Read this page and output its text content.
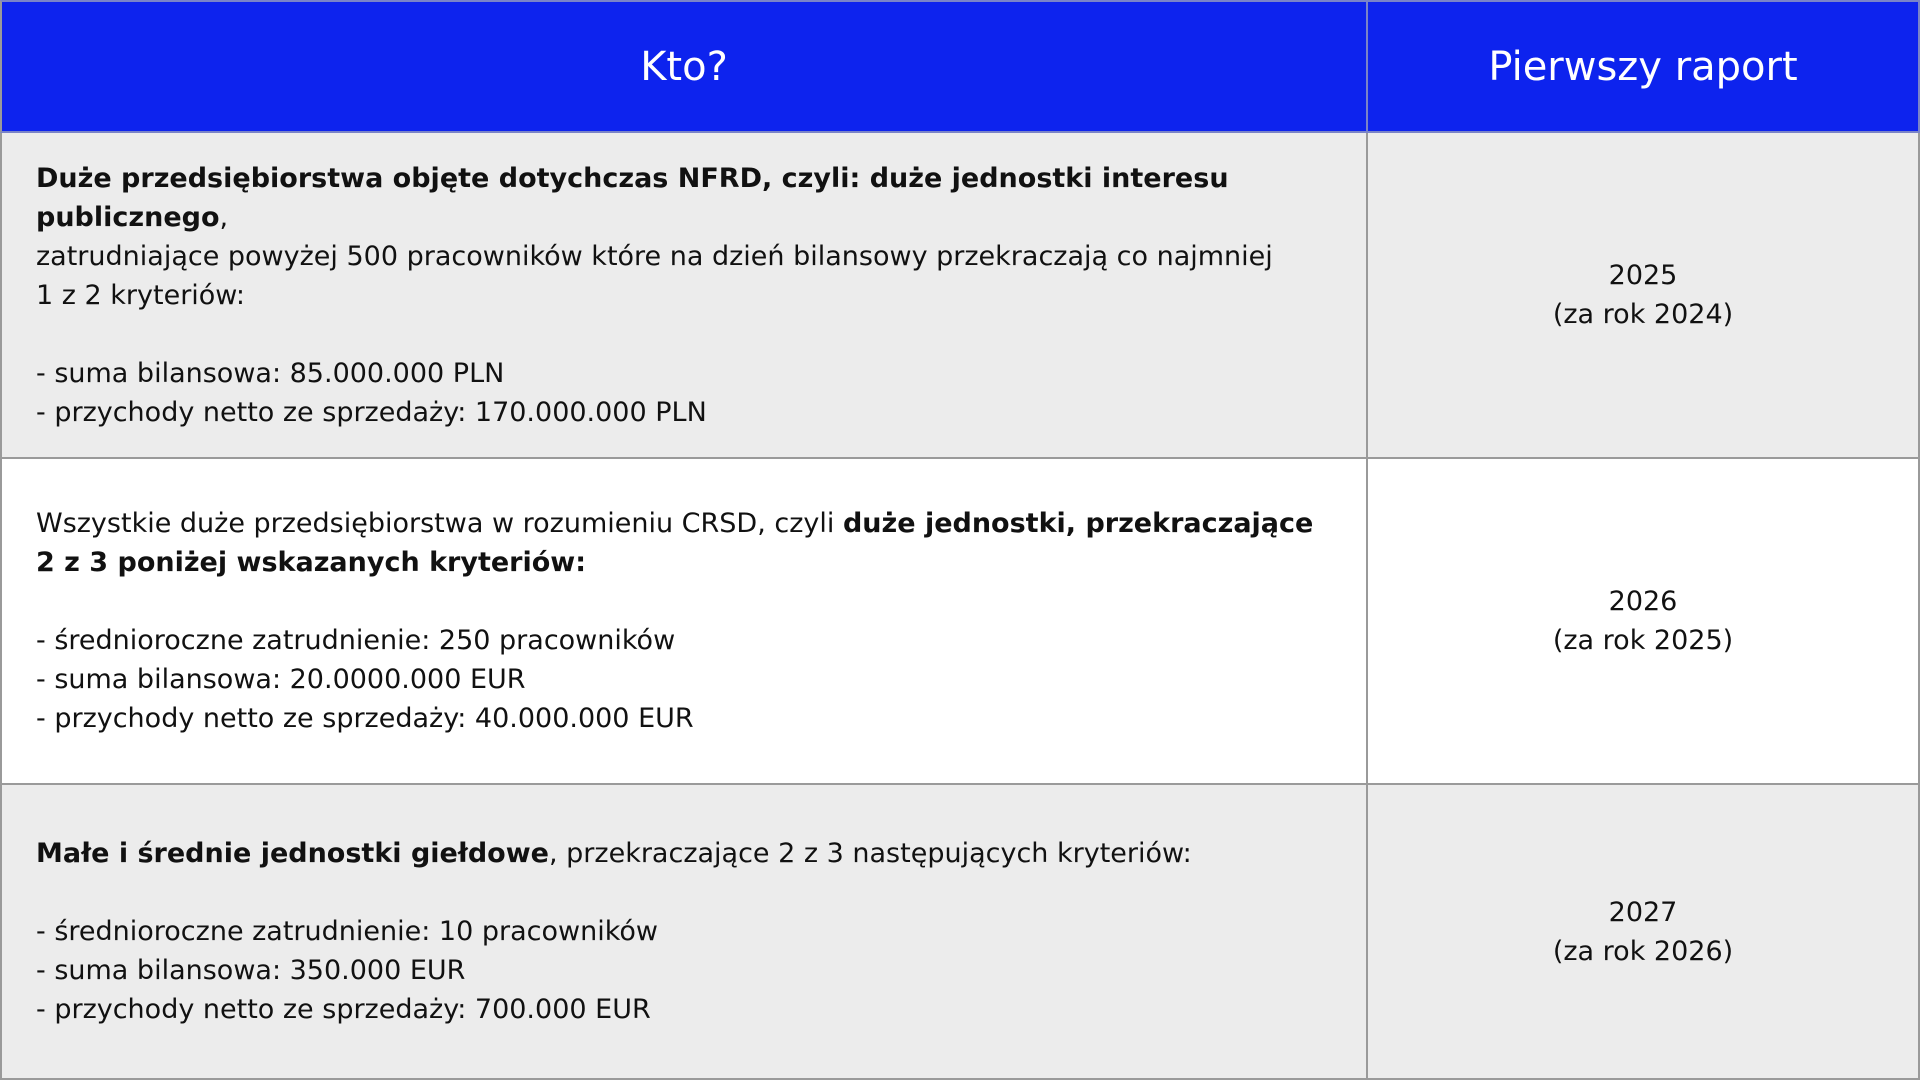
Kto?	Pierwszy raport

Duże przedsiębiorstwa objęte dotychczas NFRD, czyli: duże jednostki interesu publicznego,

zatrudniające powyżej 500 pracowników które na dzień bilansowy przekraczają co najmniej

1 z 2 kryteriów:

- suma bilansowa: 85.000.000 PLN

- przychody netto ze sprzedaży: 170.000.000 PLN

2025
(za rok 2024)

Wszystkie duże przedsiębiorstwa w rozumieniu CRSD, czyli duże jednostki, przekraczające

2 z 3 poniżej wskazanych kryteriów:

- średnioroczne zatrudnienie: 250 pracowników

- suma bilansowa: 20.0000.000 EUR

- przychody netto ze sprzedaży: 40.000.000 EUR

2026
(za rok 2025)

Małe i średnie jednostki giełdowe, przekraczające 2 z 3 następujących kryteriów:

- średnioroczne zatrudnienie: 10 pracowników

- suma bilansowa: 350.000 EUR

- przychody netto ze sprzedaży: 700.000 EUR

2027
(za rok 2026)
